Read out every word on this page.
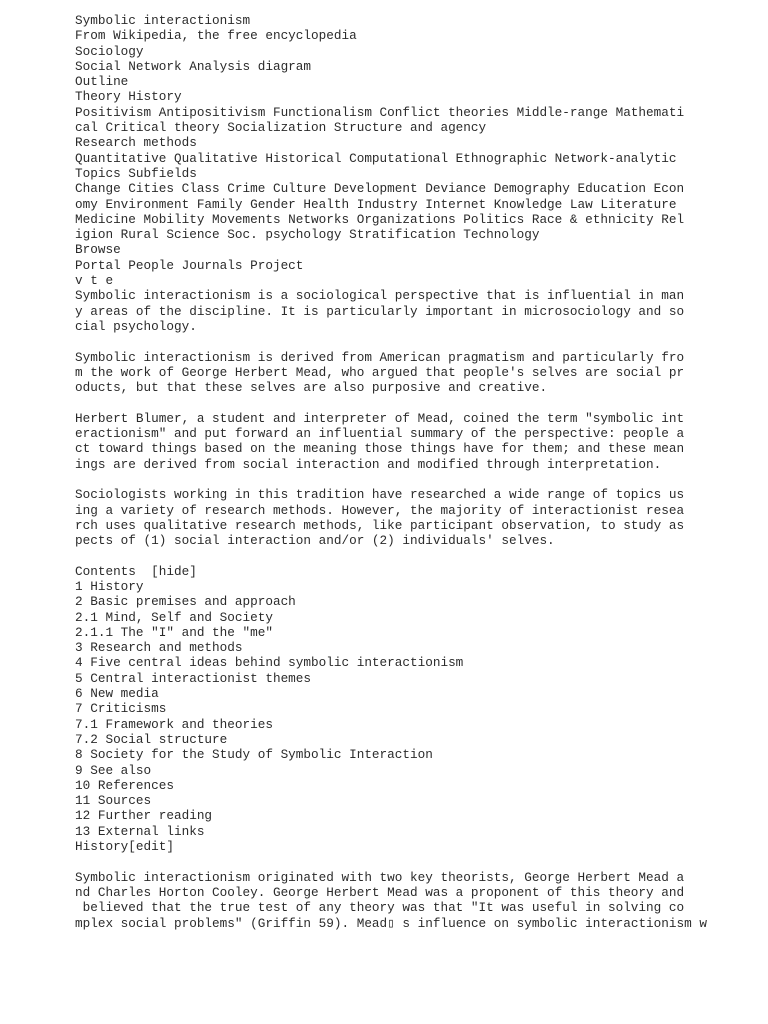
Symbolic interactionism
From Wikipedia, the free encyclopedia
Sociology
Social Network Analysis diagram
Outline
Theory History
Positivism Antipositivism Functionalism Conflict theories Middle-range Mathemati
cal Critical theory Socialization Structure and agency
Research methods
Quantitative Qualitative Historical Computational Ethnographic Network-analytic
Topics Subfields
Change Cities Class Crime Culture Development Deviance Demography Education Econ
omy Environment Family Gender Health Industry Internet Knowledge Law Literature
Medicine Mobility Movements Networks Organizations Politics Race & ethnicity Rel
igion Rural Science Soc. psychology Stratification Technology
Browse
Portal People Journals Project
v t e
Symbolic interactionism is a sociological perspective that is influential in man
y areas of the discipline. It is particularly important in microsociology and so
cial psychology.
Symbolic interactionism is derived from American pragmatism and particularly fro
m the work of George Herbert Mead, who argued that people's selves are social pr
oducts, but that these selves are also purposive and creative.
Herbert Blumer, a student and interpreter of Mead, coined the term "symbolic int
eractionism" and put forward an influential summary of the perspective: people a
ct toward things based on the meaning those things have for them; and these mean
ings are derived from social interaction and modified through interpretation.
Sociologists working in this tradition have researched a wide range of topics us
ing a variety of research methods. However, the majority of interactionist resea
rch uses qualitative research methods, like participant observation, to study as
pects of (1) social interaction and/or (2) individuals' selves.
Contents  [hide]
1 History
2 Basic premises and approach
2.1 Mind, Self and Society
2.1.1 The "I" and the "me"
3 Research and methods
4 Five central ideas behind symbolic interactionism
5 Central interactionist themes
6 New media
7 Criticisms
7.1 Framework and theories
7.2 Social structure
8 Society for the Study of Symbolic Interaction
9 See also
10 References
11 Sources
12 Further reading
13 External links
History[edit]
Symbolic interactionism originated with two key theorists, George Herbert Mead a
nd Charles Horton Cooley. George Herbert Mead was a proponent of this theory and
believed that the true test of any theory was that "It was useful in solving co
mplex social problems" (Griffin 59). Mead▯ s influence on symbolic interactionism w
